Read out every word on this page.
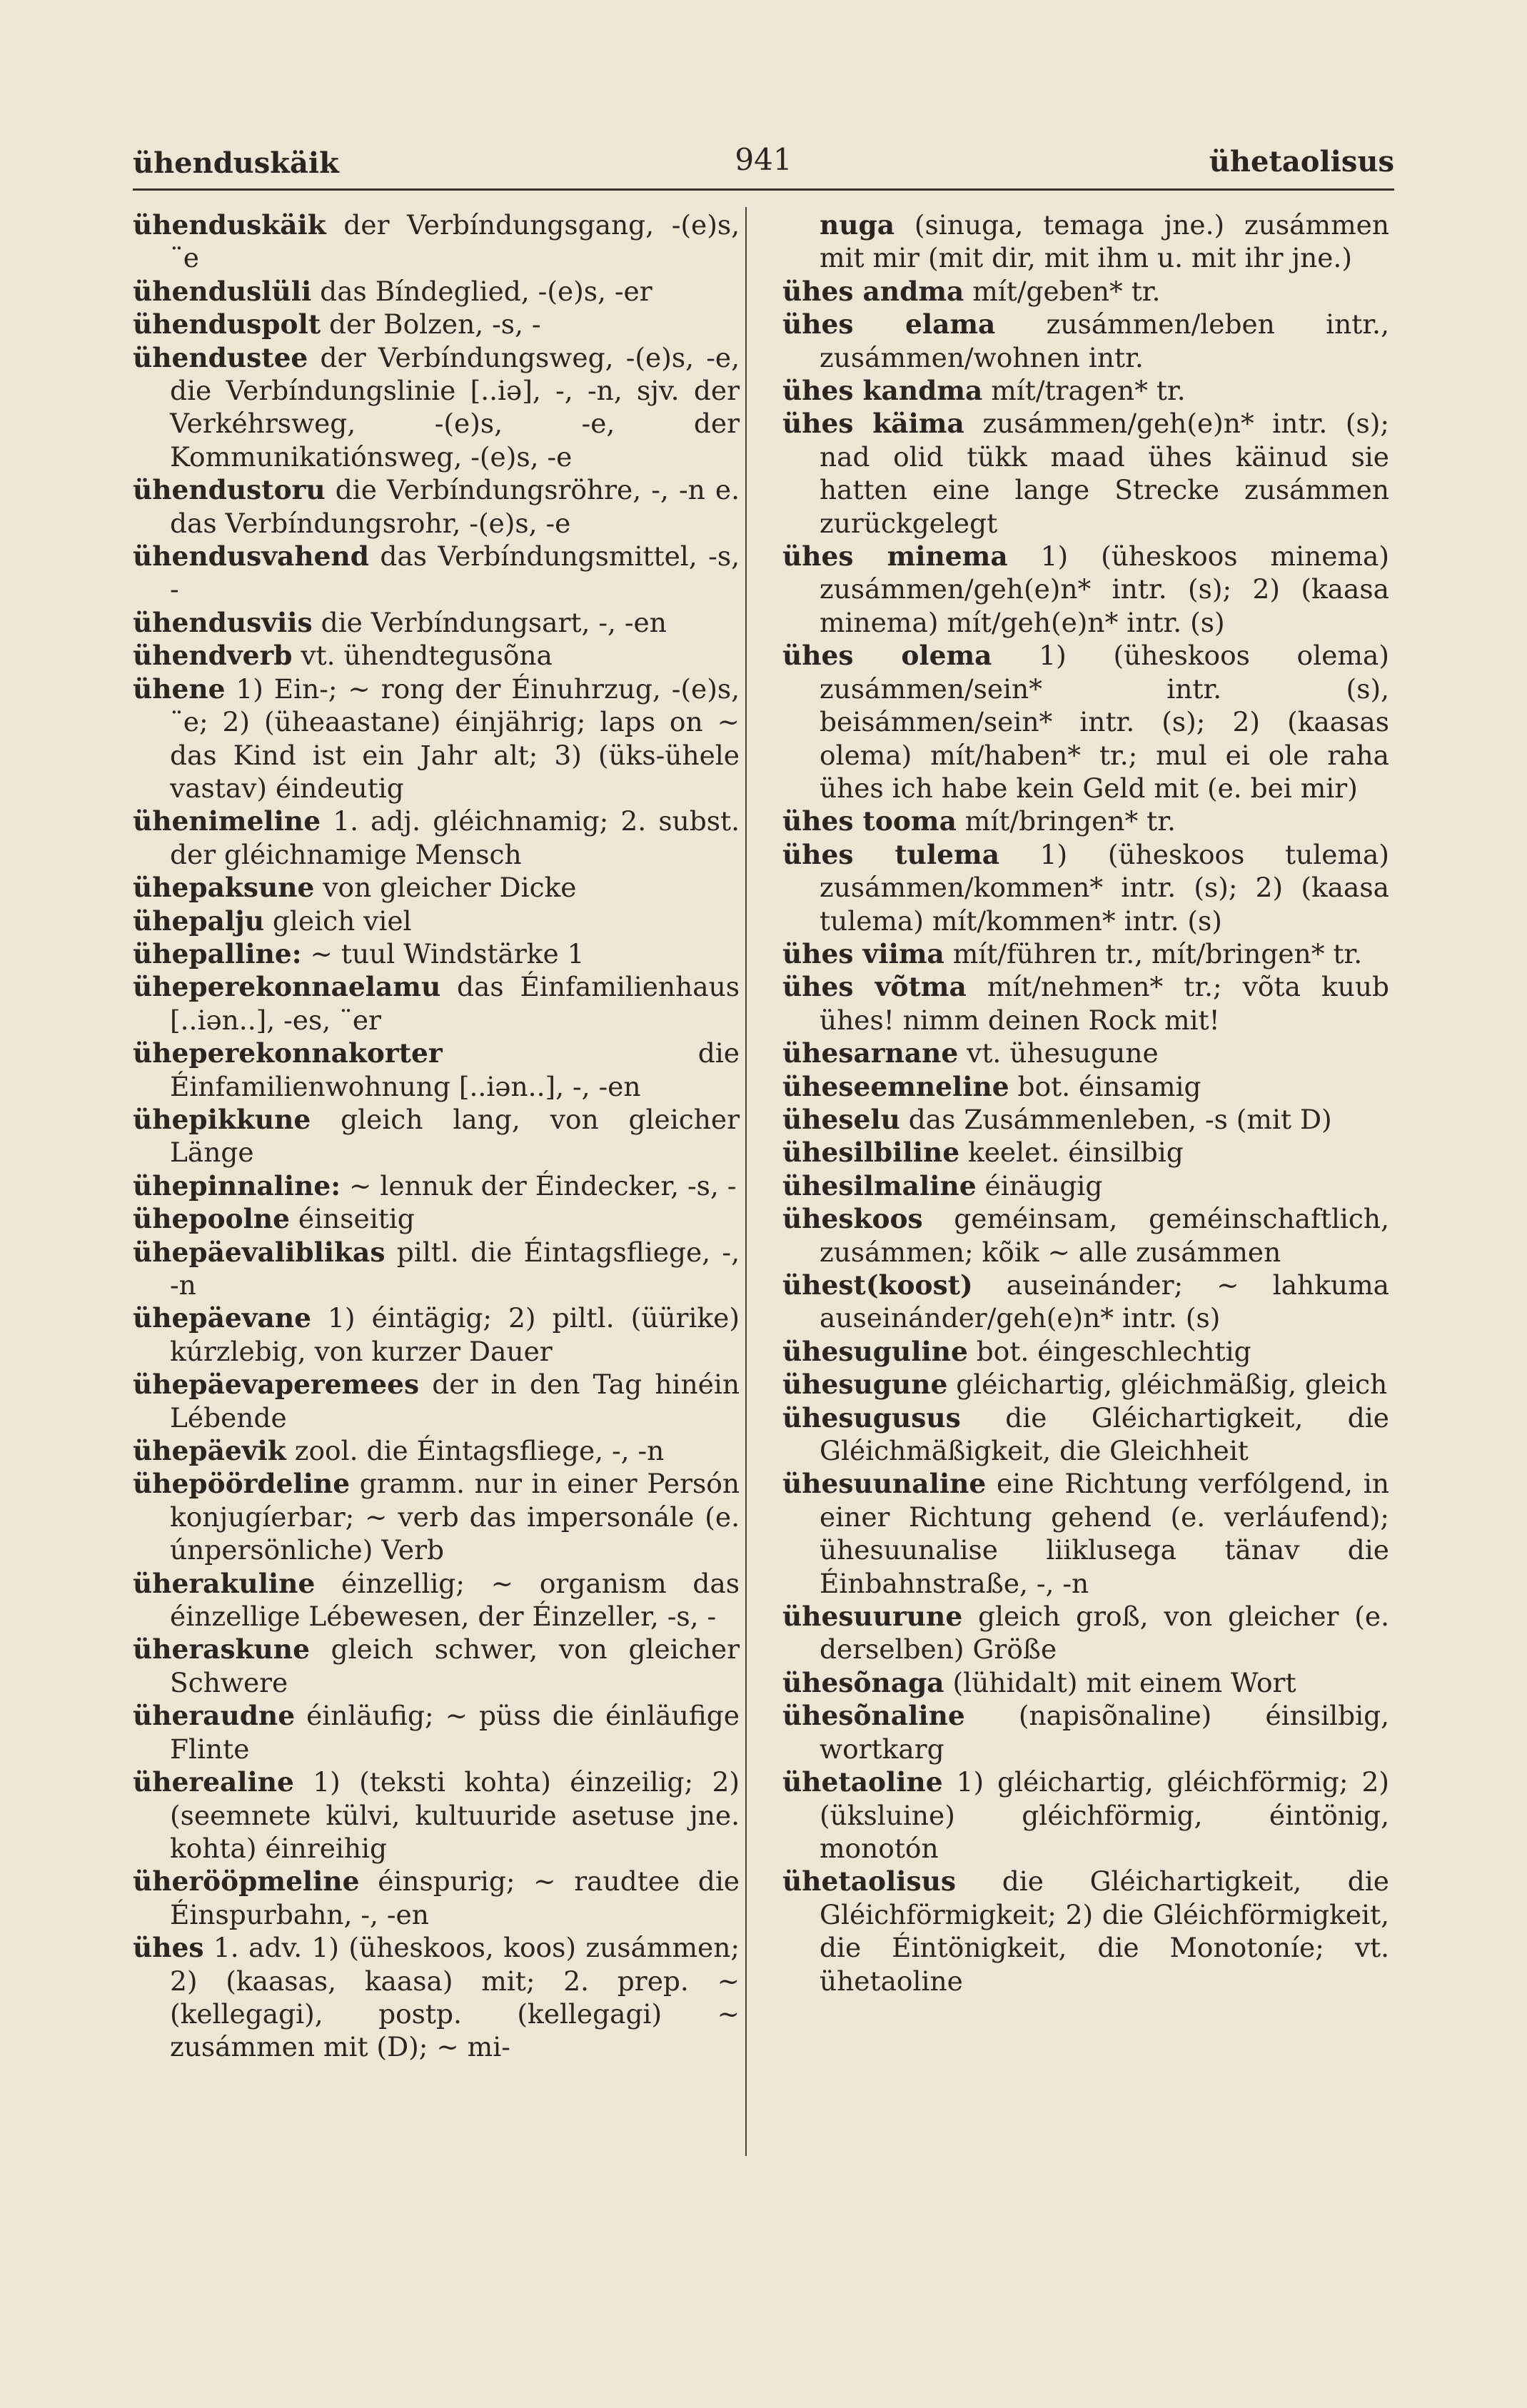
ühenduskäik	941	ühetaolisus

ühenduskäik der Verbíndungsgang, -(e)s, ¨e

ühenduslüli das Bíndeglied, -(e)s, -er

ühenduspolt der Bolzen, -s, -

ühendustee der Verbíndungsweg, -(e)s, -e, die Verbíndungslinie [..iə], -, -n, sjv. der Verkéhrsweg, -(e)s, -e, der Kommunikatiónsweg, -(e)s, -e

ühendustoru die Verbíndungsröhre, -, -n e. das Verbíndungsrohr, -(e)s, -e

ühendusvahend das Verbíndungsmittel, -s, -

ühendusviis die Verbíndungsart, -, -en

ühendverb vt. ühendtegusõna

ühene 1) Ein-; ~ rong der Éinuhrzug, -(e)s, ¨e; 2) (üheaastane) éinjährig; laps on ~ das Kind ist ein Jahr alt; 3) (üks-ühele vastav) éindeutig

ühenimeline 1. adj. gléichnamig; 2. subst. der gléichnamige Mensch

ühepaksune von gleicher Dicke

ühepalju gleich viel

ühepalline: ~ tuul Windstärke 1

üheperekonnaelamu das Éinfamilienhaus [..iən..], -es, ¨er

üheperekonnakorter die Éinfamilienwohnung [..iən..], -, -en

ühepikkune gleich lang, von gleicher Länge

ühepinnaline: ~ lennuk der Éindecker, -s, -

ühepoolne éinseitig

ühepäevaliblikas piltl. die Éintagsfliege, -, -n

ühepäevane 1) éintägig; 2) piltl. (üürike) kúrzlebig, von kurzer Dauer

ühepäevaperemees der in den Tag hinéin Lébende

ühepäevik zool. die Éintagsfliege, -, -n

ühepöördeline gramm. nur in einer Persón konjugíerbar; ~ verb das impersonále (e. únpersönliche) Verb

üherakuline éinzellig; ~ organism das éinzellige Lébewesen, der Éinzeller, -s, -

üheraskune gleich schwer, von gleicher Schwere

üheraudne éinläufig; ~ püss die éinläufige Flinte

üherealine 1) (teksti kohta) éinzeilig; 2) (seemnete külvi, kultuuride asetuse jne. kohta) éinreihig

üherööpmeline éinspurig; ~ raudtee die Éinspurbahn, -, -en

ühes 1. adv. 1) (üheskoos, koos) zusámmen; 2) (kaasas, kaasa) mit; 2. prep. ~ (kellegagi), postp. (kellegagi) ~ zusámmen mit (D); ~ mi-

nuga (sinuga, temaga jne.) zusámmen mit mir (mit dir, mit ihm u. mit ihr jne.)

ühes andma mít/geben* tr.

ühes elama zusámmen/leben intr., zusámmen/wohnen intr.

ühes kandma mít/tragen* tr.

ühes käima zusámmen/geh(e)n* intr. (s); nad olid tükk maad ühes käinud sie hatten eine lange Strecke zusámmen zurückgelegt

ühes minema 1) (üheskoos minema) zusámmen/geh(e)n* intr. (s); 2) (kaasa minema) mít/geh(e)n* intr. (s)

ühes olema 1) (üheskoos olema) zusámmen/sein* intr. (s), beisámmen/sein* intr. (s); 2) (kaasas olema) mít/haben* tr.; mul ei ole raha ühes ich habe kein Geld mit (e. bei mir)

ühes tooma mít/bringen* tr.

ühes tulema 1) (üheskoos tulema) zusámmen/kommen* intr. (s); 2) (kaasa tulema) mít/kommen* intr. (s)

ühes viima mít/führen tr., mít/bringen* tr.

ühes võtma mít/nehmen* tr.; võta kuub ühes! nimm deinen Rock mit!

ühesarnane vt. ühesugune

üheseemneline bot. éinsamig

üheselu das Zusámmenleben, -s (mit D)

ühesilbiline keelet. éinsilbig

ühesilmaline éinäugig

üheskoos geméinsam, geméinschaftlich, zusámmen; kõik ~ alle zusámmen

ühest(koost) auseinánder; ~ lahkuma auseinánder/geh(e)n* intr. (s)

ühesuguline bot. éingeschlechtig

ühesugune gléichartig, gléichmäßig, gleich

ühesugusus die Gléichartigkeit, die Gléichmäßigkeit, die Gleichheit

ühesuunaline eine Richtung verfólgend, in einer Richtung gehend (e. verláufend); ühesuunalise liiklusega tänav die Éinbahnstraße, -, -n

ühesuurune gleich groß, von gleicher (e. derselben) Größe

ühesõnaga (lühidalt) mit einem Wort

ühesõnaline (napisõnaline) éinsilbig, wortkarg

ühetaoline 1) gléichartig, gléichförmig; 2) (üksluine) gléichförmig, éintönig, monotón

ühetaolisus die Gléichartigkeit, die Gléichförmigkeit; 2) die Gléichförmigkeit, die Éintönigkeit, die Monotoníe; vt. ühetaoline
